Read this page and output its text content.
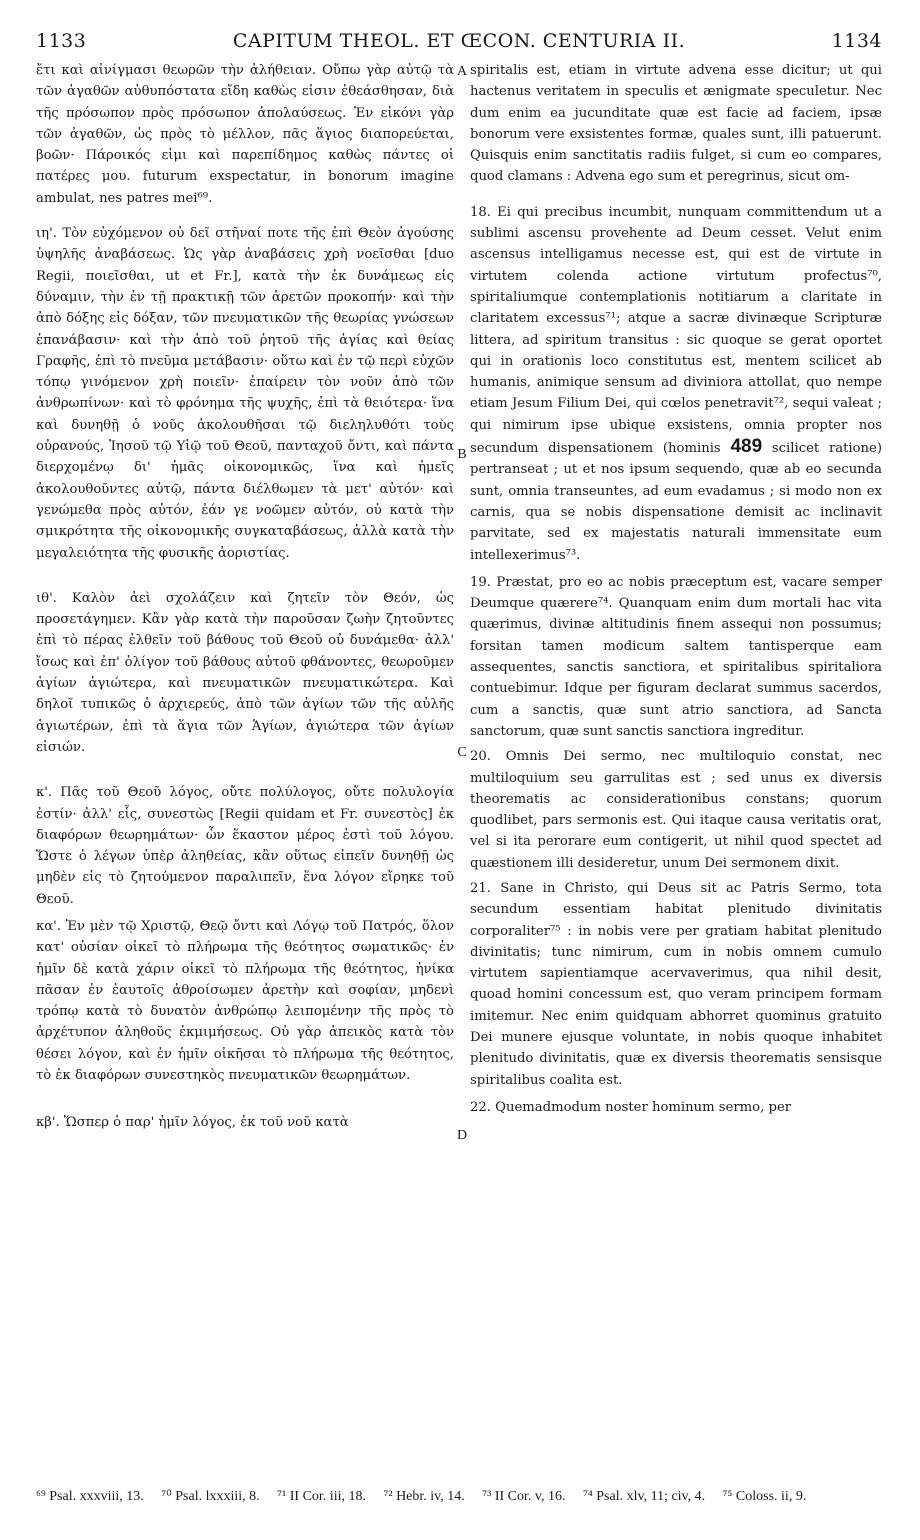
1133	CAPITUM THEOL. ET ŒCON. CENTURIA II.	1134
A
B
C
D

ἔτι καὶ αἰνίγμασι θεωρῶν τὴν ἀλήθειαν. Οὔπω γὰρ αὐτῷ τὰ τῶν ἀγαθῶν αὐθυπόστατα εἴδη καθὼς εἰσιν ἐθεάσθησαν, διὰ τῆς πρόσωπον πρὸς πρόσωπον ἀπολαύσεως. Ἐν εἰκόνι γὰρ τῶν ἀγαθῶν, ὡς πρὸς τὸ μέλλον, πᾶς ἅγιος διαπορεύεται, βοῶν· Πάροικός εἰμι καὶ παρεπίδημος καθὼς πάντες οἱ πατέρες μου. futurum exspectatur, in bonorum imagine ambulat, nes patres mei⁶⁹.

ιη'. Τὸν εὐχόμενον οὐ δεῖ στῆναί ποτε τῆς ἐπὶ Θεὸν ἀγούσης ὑψηλῆς ἀναβάσεως. Ὡς γὰρ ἀναβάσεις χρὴ νοεῖσθαι [duo Regii, ποιεῖσθαι, ut et Fr.], κατὰ τὴν ἐκ δυνάμεως εἰς δύναμιν, τὴν ἐν τῇ πρακτικῇ τῶν ἀρετῶν προκοπήν· καὶ τὴν ἀπὸ δόξης εἰς δόξαν, τῶν πνευματικῶν τῆς θεωρίας γνώσεων ἐπανάβασιν· καὶ τὴν ἀπὸ τοῦ ῥητοῦ τῆς ἁγίας καὶ θείας Γραφῆς, ἐπὶ τὸ πνεῦμα μετάβασιν· οὕτω καὶ ἐν τῷ περὶ εὐχῶν τόπῳ γινόμενον χρὴ ποιεῖν· ἐπαίρειν τὸν νοῦν ἀπὸ τῶν ἀνθρωπίνων· καὶ τὸ φρόνημα τῆς ψυχῆς, ἐπὶ τὰ θειότερα· ἵνα καὶ δυνηθῇ ὁ νοῦς ἀκολουθῆσαι τῷ διεληλυθότι τοὺς οὐρανούς, Ἰησοῦ τῷ Υἱῷ τοῦ Θεοῦ, πανταχοῦ ὄντι, καὶ πάντα διερχομένῳ δι' ἡμᾶς οἰκονομικῶς, ἵνα καὶ ἡμεῖς ἀκολουθοῦντες αὐτῷ, πάντα διέλθωμεν τὰ μετ' αὐτόν· καὶ γενώμεθα πρὸς αὐτόν, ἐάν γε νοῶμεν αὐτόν, οὐ κατὰ τὴν σμικρότητα τῆς οἰκονομικῆς συγκαταβάσεως, ἀλλὰ κατὰ τὴν μεγαλειότητα τῆς φυσικῆς ἀοριστίας.

ιθ'. Καλὸν ἀεὶ σχολάζειν καὶ ζητεῖν τὸν Θεόν, ὡς προσετάγημεν. Κἂν γὰρ κατὰ τὴν παροῦσαν ζωὴν ζητοῦντες ἐπὶ τὸ πέρας ἐλθεῖν τοῦ βάθους τοῦ Θεοῦ οὐ δυνάμεθα· ἀλλ' ἴσως καὶ ἐπ' ὀλίγον τοῦ βάθους αὐτοῦ φθάνοντες, θεωροῦμεν ἁγίων ἁγιώτερα, καὶ πνευματικῶν πνευματικώτερα. Καὶ δηλοῖ τυπικῶς ὁ ἀρχιερεύς, ἀπὸ τῶν ἁγίων τῶν τῆς αὐλῆς ἁγιωτέρων, ἐπὶ τὰ ἅγια τῶν Ἁγίων, ἁγιώτερα τῶν ἁγίων εἰσιών.

κ'. Πᾶς τοῦ Θεοῦ λόγος, οὔτε πολύλογος, οὔτε πολυλογία ἐστίν· ἀλλ' εἷς, συνεστὼς [Regii quidam et Fr. συνεστὸς] ἐκ διαφόρων θεωρημάτων· ὧν ἕκαστον μέρος ἐστὶ τοῦ λόγου. Ὥστε ὁ λέγων ὑπὲρ ἀληθείας, κἂν οὕτως εἰπεῖν δυνηθῇ ὡς μηδὲν εἰς τὸ ζητούμενον παραλιπεῖν, ἕνα λόγον εἴρηκε τοῦ Θεοῦ.

κα'. Ἐν μὲν τῷ Χριστῷ, Θεῷ ὄντι καὶ Λόγῳ τοῦ Πατρός, ὅλον κατ' οὐσίαν οἰκεῖ τὸ πλήρωμα τῆς θεότητος σωματικῶς· ἐν ἡμῖν δὲ κατὰ χάριν οἰκεῖ τὸ πλήρωμα τῆς θεότητος, ἡνίκα πᾶσαν ἐν ἑαυτοῖς ἀθροίσωμεν ἀρετὴν καὶ σοφίαν, μηδενὶ τρόπῳ κατὰ τὸ δυνατὸν ἀνθρώπῳ λειπομένην τῆς πρὸς τὸ ἀρχέτυπον ἀληθοῦς ἐκμιμήσεως. Οὐ γὰρ ἀπεικὸς κατὰ τὸν θέσει λόγον, καὶ ἐν ἡμῖν οἰκῆσαι τὸ πλήρωμα τῆς θεότητος, τὸ ἐκ διαφόρων συνεστηκὸς πνευματικῶν θεωρημάτων.

κβ'. Ὥσπερ ὁ παρ' ἡμῖν λόγος, ἐκ τοῦ νοῦ κατὰ

spiritalis est, etiam in virtute advena esse dicitur; ut qui hactenus veritatem in speculis et ænigmate speculetur. Nec dum enim ea jucunditate quæ est facie ad faciem, ipsæ bonorum vere exsistentes formæ, quales sunt, illi patuerunt. Quisquis enim sanctitatis radiis fulget, si cum eo compares, quod clamans : Advena ego sum et peregrinus, sicut om-

18. Ei qui precibus incumbit, nunquam committendum ut a sublimi ascensu provehente ad Deum cesset. Velut enim ascensus intelligamus necesse est, qui est de virtute in virtutem colenda actione virtutum profectus⁷⁰, spiritaliumque contemplationis notitiarum a claritate in claritatem excessus⁷¹; atque a sacræ divinæque Scripturæ littera, ad spiritum transitus : sic quoque se gerat oportet qui in orationis loco constitutus est, mentem scilicet ab humanis, animique sensum ad diviniora attollat, quo nempe etiam Jesum Filium Dei, qui cœlos penetravit⁷², sequi valeat ; qui nimirum ipse ubique exsistens, omnia propter nos secundum dispensationem (hominis 489 scilicet ratione) pertranseat ; ut et nos ipsum sequendo, quæ ab eo secunda sunt, omnia transeuntes, ad eum evadamus ; si modo non ex carnis, qua se nobis dispensatione demisit ac inclinavit parvitate, sed ex majestatis naturali immensitate eum intellexerimus⁷³.

19. Præstat, pro eo ac nobis præceptum est, vacare semper Deumque quærere⁷⁴. Quanquam enim dum mortali hac vita quærimus, divinæ altitudinis finem assequi non possumus; forsitan tamen modicum saltem tantisperque eam assequentes, sanctis sanctiora, et spiritalibus spiritaliora contuebimur. Idque per figuram declarat summus sacerdos, cum a sanctis, quæ sunt atrio sanctiora, ad Sancta sanctorum, quæ sunt sanctis sanctiora ingreditur.

20. Omnis Dei sermo, nec multiloquio constat, nec multiloquium seu garrulitas est ; sed unus ex diversis theorematis ac considerationibus constans; quorum quodlibet, pars sermonis est. Qui itaque causa veritatis orat, vel si ita perorare eum contigerit, ut nihil quod spectet ad quæstionem illi desideretur, unum Dei sermonem dixit.

21. Sane in Christo, qui Deus sit ac Patris Sermo, tota secundum essentiam habitat plenitudo divinitatis corporaliter⁷⁵ : in nobis vere per gratiam habitat plenitudo divinitatis; tunc nimirum, cum in nobis omnem cumulo virtutem sapientiamque acervaverimus, qua nihil desit, quoad homini concessum est, quo veram principem formam imitemur. Nec enim quidquam abhorret quominus gratuito Dei munere ejusque voluntate, in nobis quoque inhabitet plenitudo divinitatis, quæ ex diversis theorematis sensisque spiritalibus coalita est.

22. Quemadmodum noster hominum sermo, per

⁶⁹ Psal. xxxviii, 13. ⁷⁰ Psal. lxxxiii, 8. ⁷¹ II Cor. iii, 18. ⁷² Hebr. iv, 14. ⁷³ II Cor. v, 16. ⁷⁴ Psal. xlv, 11; civ, 4. ⁷⁵ Coloss. ii, 9.
